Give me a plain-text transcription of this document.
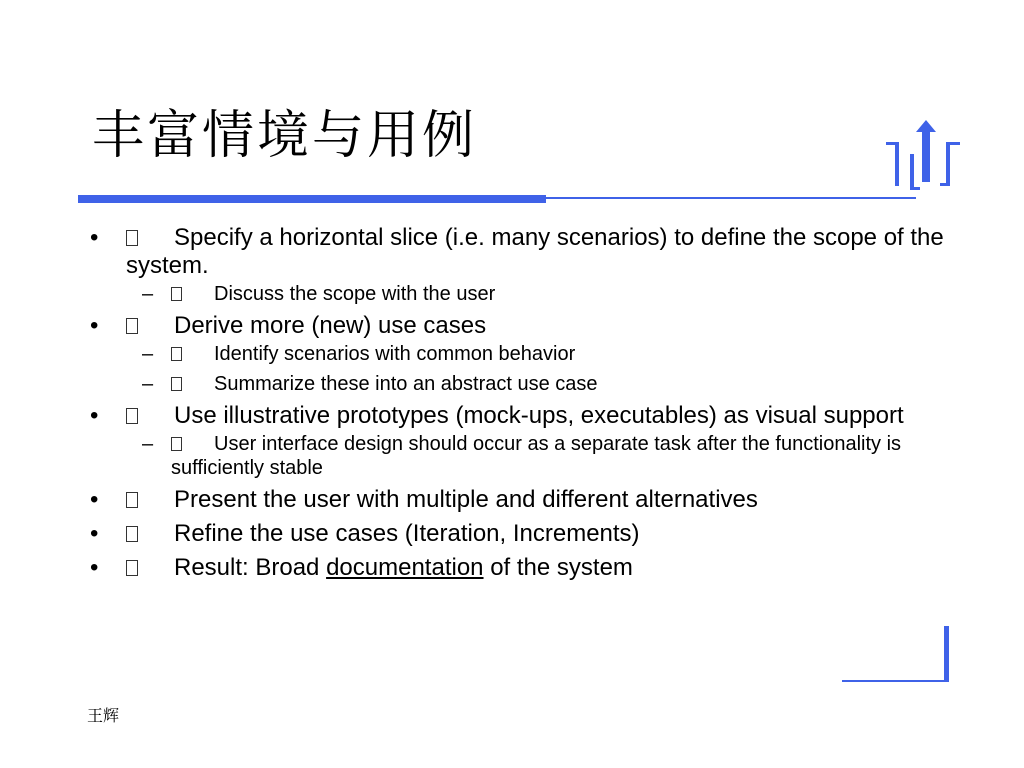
丰富情境与用例
•	Specify a horizontal slice (i.e. many scenarios) to define the scope of the system.
–	Discuss the scope with the user
•	Derive more (new) use cases
–	Identify scenarios with common behavior
–	Summarize these into an abstract use case
•	Use illustrative prototypes (mock-ups, executables) as visual support
–	User interface design should occur as a separate task after the functionality is sufficiently stable
•	Present the user with multiple and different alternatives
•	Refine the use cases (Iteration, Increments)
•	Result: Broad documentation of the system
王辉
